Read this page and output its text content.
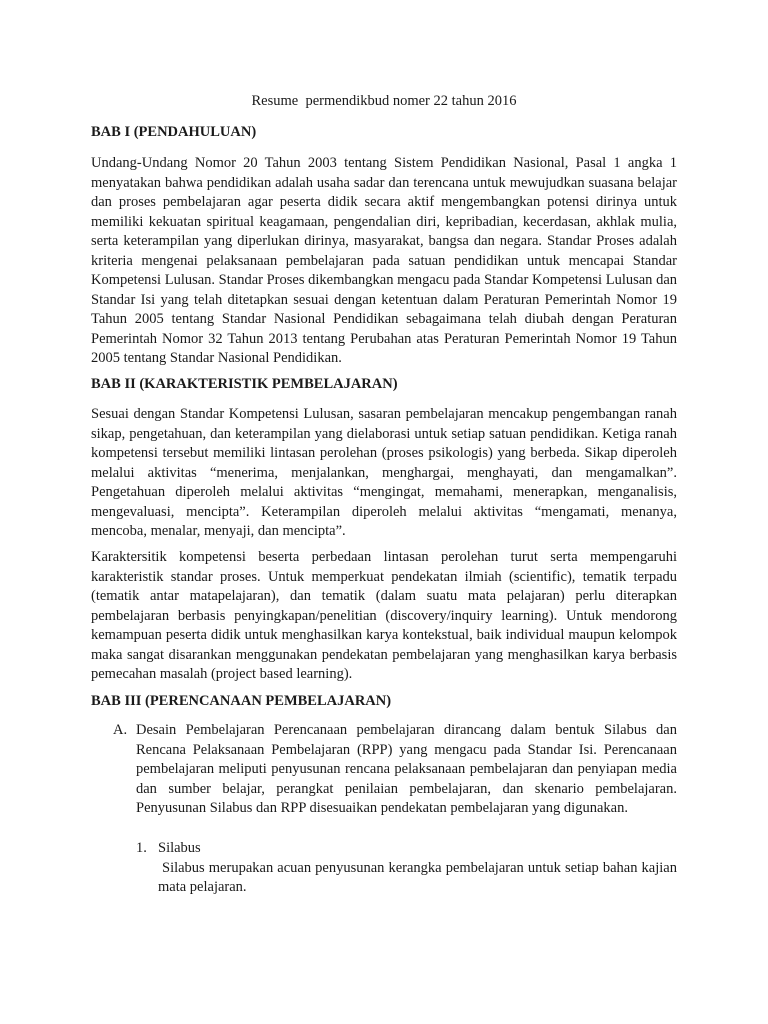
Resume  permendikbud nomer 22 tahun 2016
BAB I (PENDAHULUAN)

Undang-Undang Nomor 20 Tahun 2003 tentang Sistem Pendidikan Nasional, Pasal 1 angka 1 menyatakan bahwa pendidikan adalah usaha sadar dan terencana untuk mewujudkan suasana belajar dan proses pembelajaran agar peserta didik secara aktif mengembangkan potensi dirinya untuk memiliki kekuatan spiritual keagamaan, pengendalian diri, kepribadian, kecerdasan, akhlak mulia, serta keterampilan yang diperlukan dirinya, masyarakat, bangsa dan negara. Standar Proses adalah kriteria mengenai pelaksanaan pembelajaran pada satuan pendidikan untuk mencapai Standar Kompetensi Lulusan. Standar Proses dikembangkan mengacu pada Standar Kompetensi Lulusan dan Standar Isi yang telah ditetapkan sesuai dengan ketentuan dalam Peraturan Pemerintah Nomor 19 Tahun 2005 tentang Standar Nasional Pendidikan sebagaimana telah diubah dengan Peraturan Pemerintah Nomor 32 Tahun 2013 tentang Perubahan atas Peraturan Pemerintah Nomor 19 Tahun 2005 tentang Standar Nasional Pendidikan.

BAB II (KARAKTERISTIK PEMBELAJARAN)

Sesuai dengan Standar Kompetensi Lulusan, sasaran pembelajaran mencakup pengembangan ranah sikap, pengetahuan, dan keterampilan yang dielaborasi untuk setiap satuan pendidikan. Ketiga ranah kompetensi tersebut memiliki lintasan perolehan (proses psikologis) yang berbeda. Sikap diperoleh melalui aktivitas “menerima, menjalankan, menghargai, menghayati, dan mengamalkan”. Pengetahuan diperoleh melalui aktivitas “mengingat, memahami, menerapkan, menganalisis, mengevaluasi, mencipta”. Keterampilan diperoleh melalui aktivitas “mengamati, menanya, mencoba, menalar, menyaji, dan mencipta”.

Karaktersitik kompetensi beserta perbedaan lintasan perolehan turut serta mempengaruhi karakteristik standar proses. Untuk memperkuat pendekatan ilmiah (scientific), tematik terpadu (tematik antar matapelajaran), dan tematik (dalam suatu mata pelajaran) perlu diterapkan pembelajaran berbasis penyingkapan/penelitian (discovery/inquiry learning). Untuk mendorong kemampuan peserta didik untuk menghasilkan karya kontekstual, baik individual maupun kelompok maka sangat disarankan menggunakan pendekatan pembelajaran yang menghasilkan karya berbasis pemecahan masalah (project based learning).

BAB III (PERENCANAAN PEMBELAJARAN)
A. Desain Pembelajaran Perencanaan pembelajaran dirancang dalam bentuk Silabus dan Rencana Pelaksanaan Pembelajaran (RPP) yang mengacu pada Standar Isi. Perencanaan pembelajaran meliputi penyusunan rencana pelaksanaan pembelajaran dan penyiapan media dan sumber belajar, perangkat penilaian pembelajaran, dan skenario pembelajaran. Penyusunan Silabus dan RPP disesuaikan pendekatan pembelajaran yang digunakan.

1. Silabus

Silabus merupakan acuan penyusunan kerangka pembelajaran untuk setiap bahan kajian mata pelajaran.
